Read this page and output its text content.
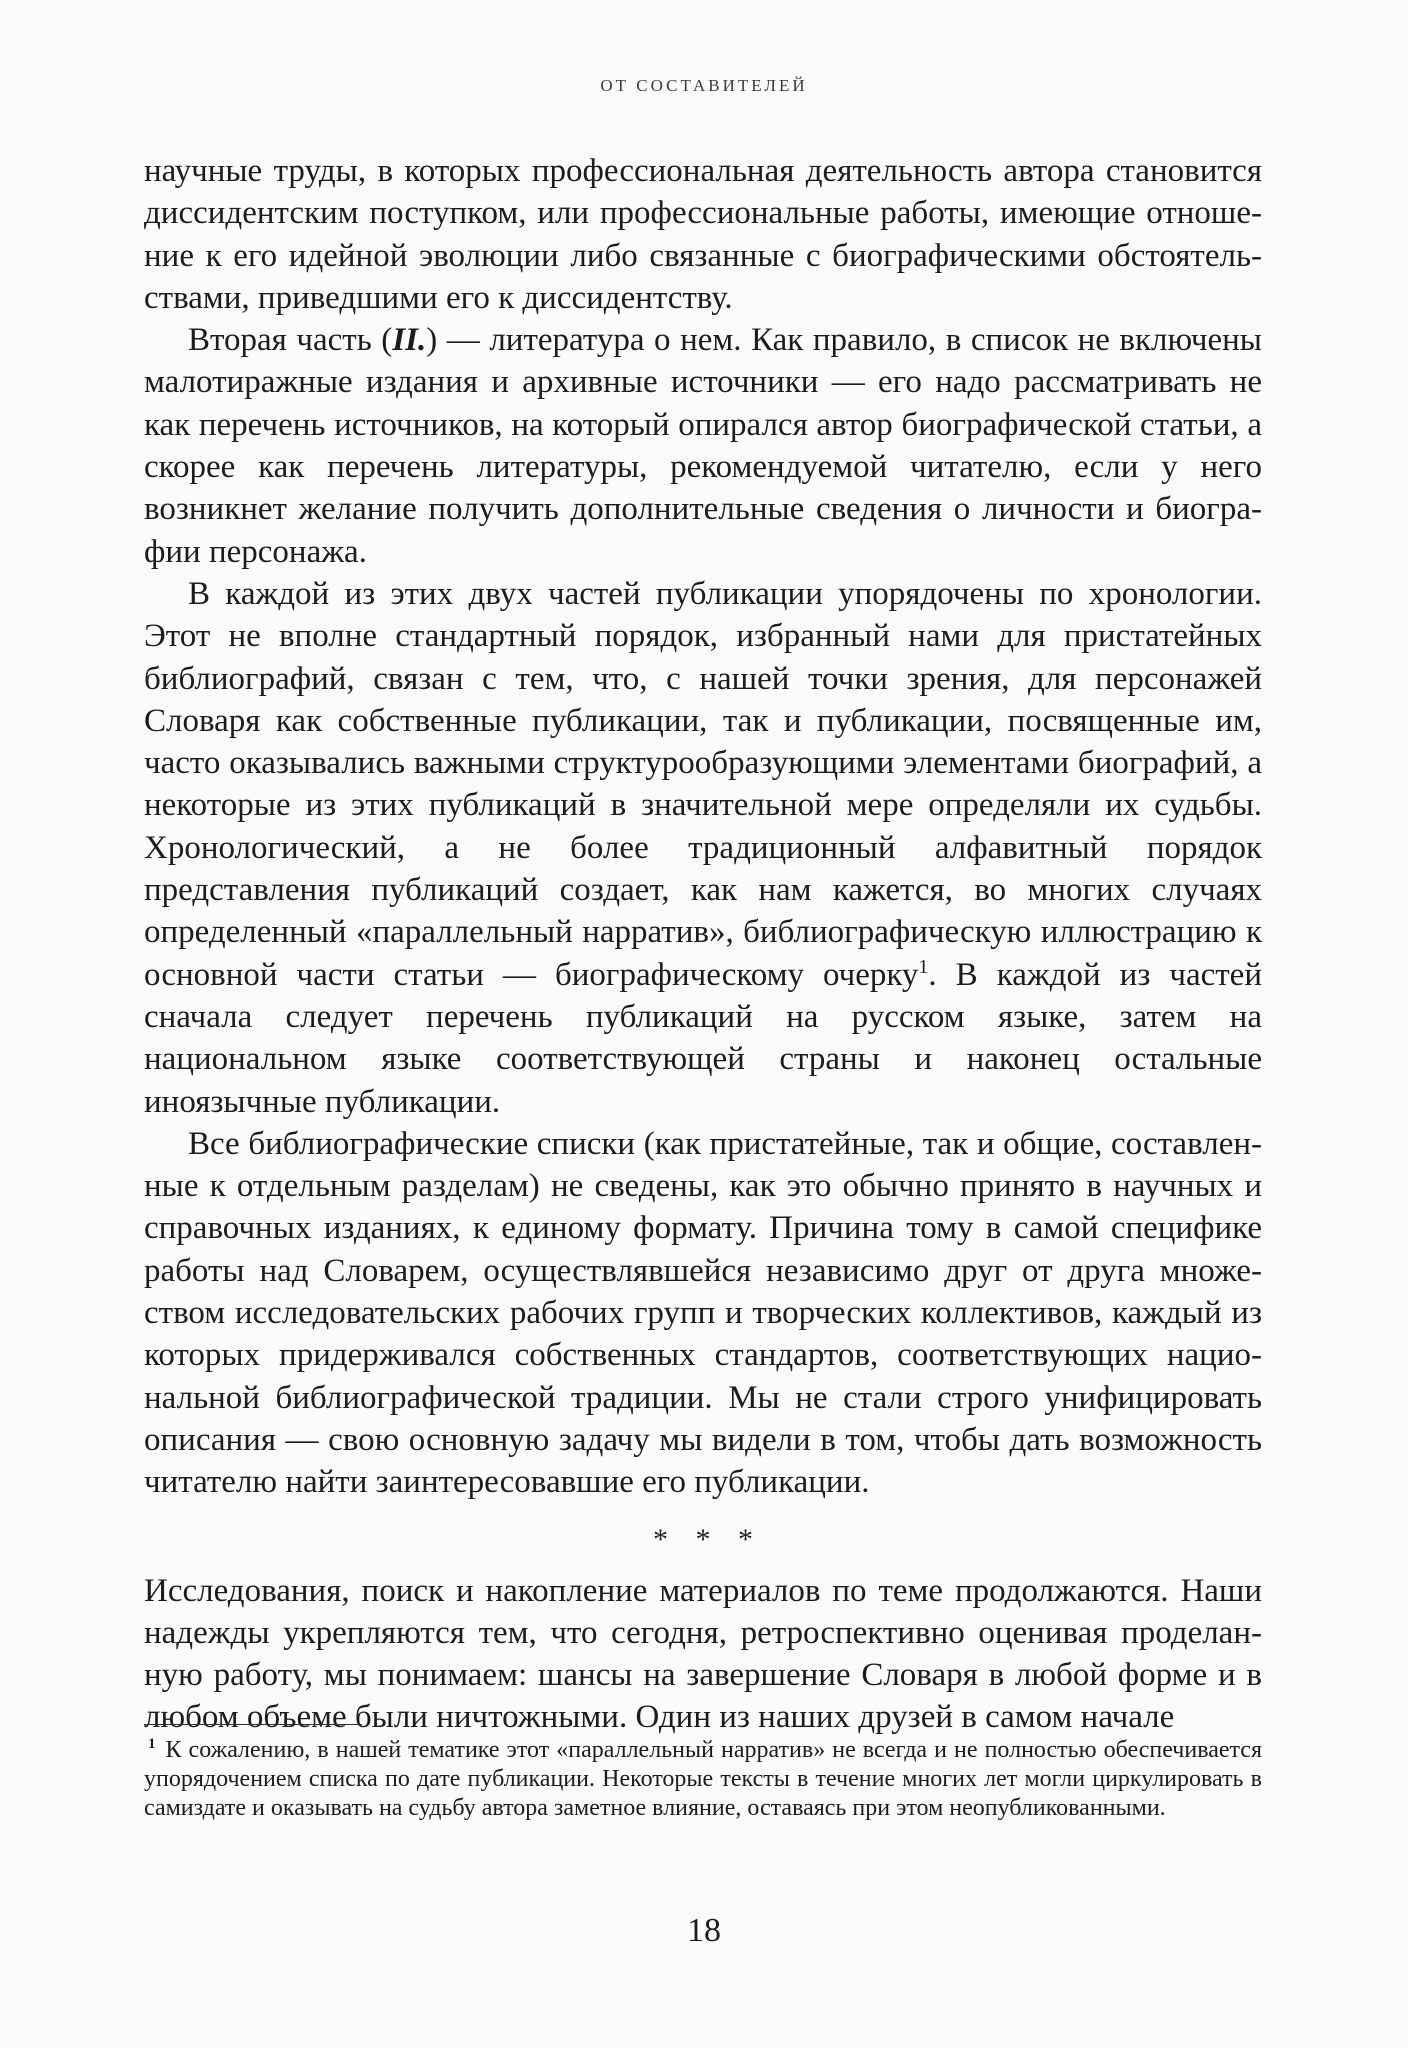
ОТ СОСТАВИТЕЛЕЙ

научные труды, в которых профессиональная деятельность автора становится диссидентским поступком, или профессиональные работы, имеющие отношение к его идейной эволюции либо связанные с биографическими обстоятельствами, приведшими его к диссидентству.

Вторая часть (II.) — литература о нем. Как правило, в список не включены малотиражные издания и архивные источники — его надо рассматривать не как перечень источников, на который опирался автор биографической статьи, а скорее как перечень литературы, рекомендуемой читателю, если у него возникнет желание получить дополнительные сведения о личности и биографии персонажа.

В каждой из этих двух частей публикации упорядочены по хронологии. Этот не вполне стандартный порядок, избранный нами для пристатейных библиографий, связан с тем, что, с нашей точки зрения, для персонажей Словаря как собственные публикации, так и публикации, посвященные им, часто оказывались важными структурообразующими элементами биографий, а некоторые из этих публикаций в значительной мере определяли их судьбы. Хронологический, а не более традиционный алфавитный порядок представления публикаций создает, как нам кажется, во многих случаях определенный «параллельный нарратив», библиографическую иллюстрацию к основной части статьи — биографическому очерку$^1$. В каждой из частей сначала следует перечень публикаций на русском языке, затем на национальном языке соответствующей страны и наконец остальные иноязычные публикации.

Все библиографические списки (как пристатейные, так и общие, составленные к отдельным разделам) не сведены, как это обычно принято в научных и справочных изданиях, к единому формату. Причина тому в самой специфике работы над Словарем, осуществлявшейся независимо друг от друга множеством исследовательских рабочих групп и творческих коллективов, каждый из которых придерживался собственных стандартов, соответствующих национальной библиографической традиции. Мы не стали строго унифицировать описания — свою основную задачу мы видели в том, чтобы дать возможность читателю найти заинтересовавшие его публикации.

* * *

Исследования, поиск и накопление материалов по теме продолжаются. Наши надежды укрепляются тем, что сегодня, ретроспективно оценивая проделанную работу, мы понимаем: шансы на завершение Словаря в любой форме и в любом объеме были ничтожными. Один из наших друзей в самом начале

$^1$ К сожалению, в нашей тематике этот «параллельный нарратив» не всегда и не полностью обеспечивается упорядочением списка по дате публикации. Некоторые тексты в течение многих лет могли циркулировать в самиздате и оказывать на судьбу автора заметное влияние, оставаясь при этом неопубликованными.

18
